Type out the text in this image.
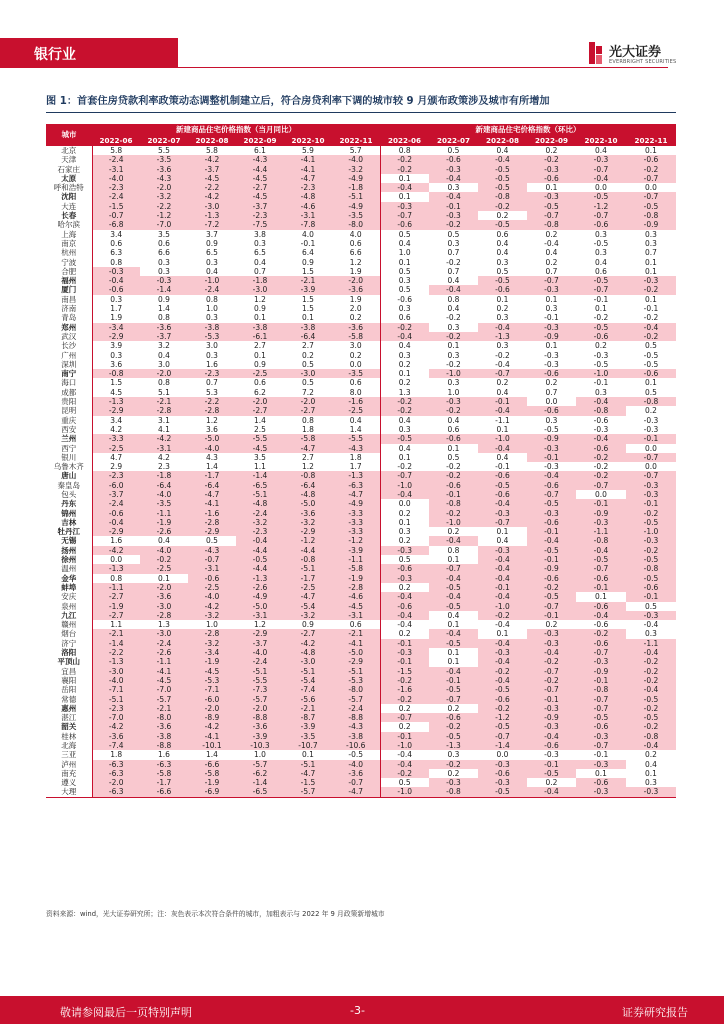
银行业	光大证券
EVERBRIGHT SECURITIES
图 1：首套住房贷款利率政策动态调整机制建立后，符合房贷利率下调的城市较 9 月颁布政策涉及城市有所增加
城市	新建商品住宅价格指数（当月同比）						新建商品住宅价格指数（环比）					
	2022-06	2022-07	2022-08	2022-09	2022-10	2022-11	2022-06	2022-07	2022-08	2022-09	2022-10	2022-11
北京	5.8	5.5	5.8	6.1	5.9	5.7	0.8	0.5	0.4	0.2	0.4	0.1
天津	-2.4	-3.5	-4.2	-4.3	-4.1	-4.0	-0.2	-0.6	-0.4	-0.2	-0.3	-0.6
石家庄	-3.1	-3.6	-3.7	-4.4	-4.1	-3.2	-0.2	-0.3	-0.5	-0.3	-0.7	-0.2
太原	-4.0	-4.3	-4.5	-4.5	-4.7	-4.9	0.1	-0.4	-0.5	-0.6	-0.4	-0.7
呼和浩特	-2.3	-2.0	-2.2	-2.7	-2.3	-1.8	-0.4	0.3	-0.5	0.1	0.0	0.0
沈阳	-2.4	-3.2	-4.2	-4.5	-4.8	-5.1	0.1	-0.4	-0.8	-0.3	-0.5	-0.7
大连	-1.5	-2.2	-3.0	-3.7	-4.6	-4.9	-0.3	-0.1	-0.2	-0.5	-1.2	-0.5
长春	-0.7	-1.2	-1.3	-2.3	-3.1	-3.5	-0.7	-0.3	0.2	-0.7	-0.7	-0.8
哈尔滨	-6.8	-7.0	-7.2	-7.5	-7.8	-8.0	-0.6	-0.2	-0.5	-0.8	-0.6	-0.9
上海	3.4	3.5	3.7	3.8	4.0	4.0	0.5	0.5	0.6	0.2	0.3	0.3
南京	0.6	0.6	0.9	0.3	-0.1	0.6	0.4	0.3	0.4	-0.4	-0.5	0.3
杭州	6.3	6.6	6.5	6.5	6.4	6.6	1.0	0.7	0.4	0.4	0.3	0.7
宁波	0.8	0.3	0.3	0.4	0.9	1.2	0.1	-0.2	0.3	0.2	0.4	0.1
合肥	-0.3	0.3	0.4	0.7	1.5	1.9	0.5	0.7	0.5	0.7	0.6	0.1
福州	-0.4	-0.3	-1.0	-1.8	-2.1	-2.0	0.3	0.4	-0.5	-0.7	-0.5	-0.3
厦门	-0.6	-1.4	-2.4	-3.0	-3.9	-3.6	0.5	-0.4	-0.6	-0.3	-0.7	-0.2
南昌	0.3	0.9	0.8	1.2	1.5	1.9	-0.6	0.8	0.1	0.1	-0.1	0.1
济南	1.7	1.4	1.0	0.9	1.5	2.0	0.3	0.4	0.2	0.3	0.1	-0.1
青岛	1.9	0.8	0.3	0.1	0.1	0.2	0.6	-0.2	0.3	-0.1	-0.2	-0.2
郑州	-3.4	-3.6	-3.8	-3.8	-3.8	-3.6	-0.2	0.3	-0.4	-0.3	-0.5	-0.4
武汉	-2.9	-3.7	-5.3	-6.1	-6.4	-5.8	-0.4	-0.2	-1.3	-0.9	-0.6	-0.2
长沙	3.9	3.2	3.0	2.7	2.7	3.0	0.4	0.1	0.3	0.1	0.2	0.5
广州	0.3	0.4	0.3	0.1	0.2	0.2	0.3	0.3	-0.2	-0.3	-0.3	-0.5
深圳	3.6	3.0	1.6	0.9	0.5	0.0	0.2	-0.2	-0.4	-0.3	-0.5	-0.5
南宁	-0.8	-2.0	-2.3	-2.5	-3.0	-3.5	0.1	-1.0	-0.7	-0.6	-1.0	-0.6
海口	1.5	0.8	0.7	0.6	0.5	0.6	0.2	0.3	0.2	0.2	-0.1	0.1
成都	4.5	5.1	5.3	6.2	7.2	8.0	1.3	1.0	0.4	0.7	0.3	0.5
贵阳	-1.3	-2.1	-2.2	-2.0	-2.0	-1.6	-0.2	-0.3	-0.1	0.0	-0.4	-0.8
昆明	-2.9	-2.8	-2.8	-2.7	-2.7	-2.5	-0.2	-0.2	-0.4	-0.6	-0.8	0.2
重庆	3.4	3.1	1.2	1.4	0.8	0.4	0.4	0.4	-1.1	0.3	-0.6	-0.3
西安	4.2	4.1	3.6	2.5	1.8	1.4	0.3	0.6	0.1	-0.5	-0.3	-0.3
兰州	-3.3	-4.2	-5.0	-5.5	-5.8	-5.5	-0.5	-0.6	-1.0	-0.9	-0.4	-0.1
西宁	-2.5	-3.1	-4.0	-4.5	-4.7	-4.3	0.4	0.1	-0.4	-0.3	-0.6	0.0
银川	4.7	4.2	4.3	3.5	2.7	1.8	0.1	0.5	0.4	-0.1	-0.2	-0.7
乌鲁木齐	2.9	2.3	1.4	1.1	1.2	1.7	-0.2	-0.2	-0.1	-0.3	-0.2	0.0
唐山	-2.3	-1.8	-1.7	-1.4	-0.8	-1.3	-0.7	-0.2	-0.6	-0.4	-0.2	-0.7
秦皇岛	-6.0	-6.4	-6.4	-6.5	-6.4	-6.3	-1.0	-0.6	-0.5	-0.6	-0.7	-0.3
包头	-3.7	-4.0	-4.7	-5.1	-4.8	-4.7	-0.4	-0.1	-0.6	-0.7	0.0	-0.3
丹东	-2.4	-3.5	-4.1	-4.8	-5.0	-4.9	0.0	-0.8	-0.4	-0.5	-0.1	-0.1
锦州	-0.6	-1.1	-1.6	-2.4	-3.6	-3.3	0.2	-0.2	-0.3	-0.3	-0.9	-0.2
吉林	-0.4	-1.9	-2.8	-3.2	-3.2	-3.3	0.1	-1.0	-0.7	-0.6	-0.3	-0.5
牡丹江	-2.9	-2.6	-2.9	-2.3	-2.9	-3.3	0.3	0.2	0.1	-0.1	-1.1	-1.0
无锡	1.6	0.4	0.5	-0.4	-1.2	-1.2	0.2	-0.4	0.4	-0.4	-0.8	-0.3
扬州	-4.2	-4.0	-4.3	-4.4	-4.4	-3.9	-0.3	0.8	-0.3	-0.5	-0.4	-0.2
徐州	0.0	-0.2	-0.7	-0.5	-0.8	-1.1	0.5	0.1	-0.4	-0.1	-0.5	-0.5
温州	-1.3	-2.5	-3.1	-4.4	-5.1	-5.8	-0.6	-0.7	-0.4	-0.9	-0.7	-0.8
金华	0.8	0.1	-0.6	-1.3	-1.7	-1.9	-0.3	-0.4	-0.4	-0.6	-0.6	-0.5
蚌埠	-1.1	-2.0	-2.5	-2.6	-2.5	-2.8	0.2	-0.5	-0.1	-0.2	-0.1	-0.6
安庆	-2.7	-3.6	-4.0	-4.9	-4.7	-4.6	-0.4	-0.4	-0.4	-0.5	0.1	-0.1
泉州	-1.9	-3.0	-4.2	-5.0	-5.4	-4.5	-0.6	-0.5	-1.0	-0.7	-0.6	0.5
九江	-2.7	-2.8	-3.2	-3.1	-3.2	-3.1	-0.4	0.4	-0.2	-0.1	-0.4	-0.3
赣州	1.1	1.3	1.0	1.2	0.9	0.6	-0.4	0.1	-0.4	0.2	-0.6	-0.4
烟台	-2.1	-3.0	-2.8	-2.9	-2.7	-2.1	0.2	-0.4	0.1	-0.3	-0.2	0.3
济宁	-1.4	-2.4	-3.2	-3.7	-4.2	-4.1	-0.1	-0.5	-0.4	-0.3	-0.6	-1.1
洛阳	-2.2	-2.6	-3.4	-4.0	-4.8	-5.0	-0.3	0.1	-0.3	-0.4	-0.7	-0.4
平顶山	-1.3	-1.1	-1.9	-2.4	-3.0	-2.9	-0.1	0.1	-0.4	-0.2	-0.3	-0.2
宜昌	-3.0	-4.1	-4.5	-5.1	-5.1	-5.1	-1.5	-0.4	-0.2	-0.7	-0.9	-0.2
襄阳	-4.0	-4.5	-5.3	-5.5	-5.4	-5.3	-0.2	-0.1	-0.4	-0.2	-0.1	-0.2
岳阳	-7.1	-7.0	-7.1	-7.3	-7.4	-8.0	-1.6	-0.5	-0.5	-0.7	-0.8	-0.4
常德	-5.1	-5.7	-6.0	-5.7	-5.6	-5.7	-0.2	-0.7	-0.6	-0.1	-0.7	-0.5
惠州	-2.3	-2.1	-2.0	-2.0	-2.1	-2.4	0.2	0.2	-0.2	-0.3	-0.7	-0.2
湛江	-7.0	-8.0	-8.9	-8.8	-8.7	-8.8	-0.7	-0.6	-1.2	-0.9	-0.5	-0.5
韶关	-4.2	-3.6	-4.2	-3.6	-3.9	-4.3	0.2	-0.2	-0.5	-0.3	-0.6	-0.2
桂林	-3.6	-3.8	-4.1	-3.9	-3.5	-3.8	-0.1	-0.5	-0.7	-0.4	-0.3	-0.8
北海	-7.4	-8.8	-10.1	-10.3	-10.7	-10.6	-1.0	-1.3	-1.4	-0.6	-0.7	-0.4
三亚	1.8	1.6	1.4	1.0	0.1	-0.5	-0.4	0.3	0.0	-0.3	-0.1	0.2
泸州	-6.3	-6.3	-6.6	-5.7	-5.1	-4.0	-0.4	-0.2	-0.3	-0.1	-0.3	0.4
南充	-6.3	-5.8	-5.8	-6.2	-4.7	-3.6	-0.2	0.2	-0.6	-0.5	0.1	0.1
遵义	-2.0	-1.7	-1.9	-1.4	-1.5	-0.7	0.5	-0.3	-0.3	0.2	-0.6	0.3
大理	-6.3	-6.6	-6.9	-6.5	-5.7	-4.7	-1.0	-0.8	-0.5	-0.4	-0.3	-0.3
资料来源：wind，光大证券研究所；注：灰色表示本次符合条件的城市，加粗表示与 2022 年 9 月政策新增城市
敬请参阅最后一页特别声明	-3-	证券研究报告
